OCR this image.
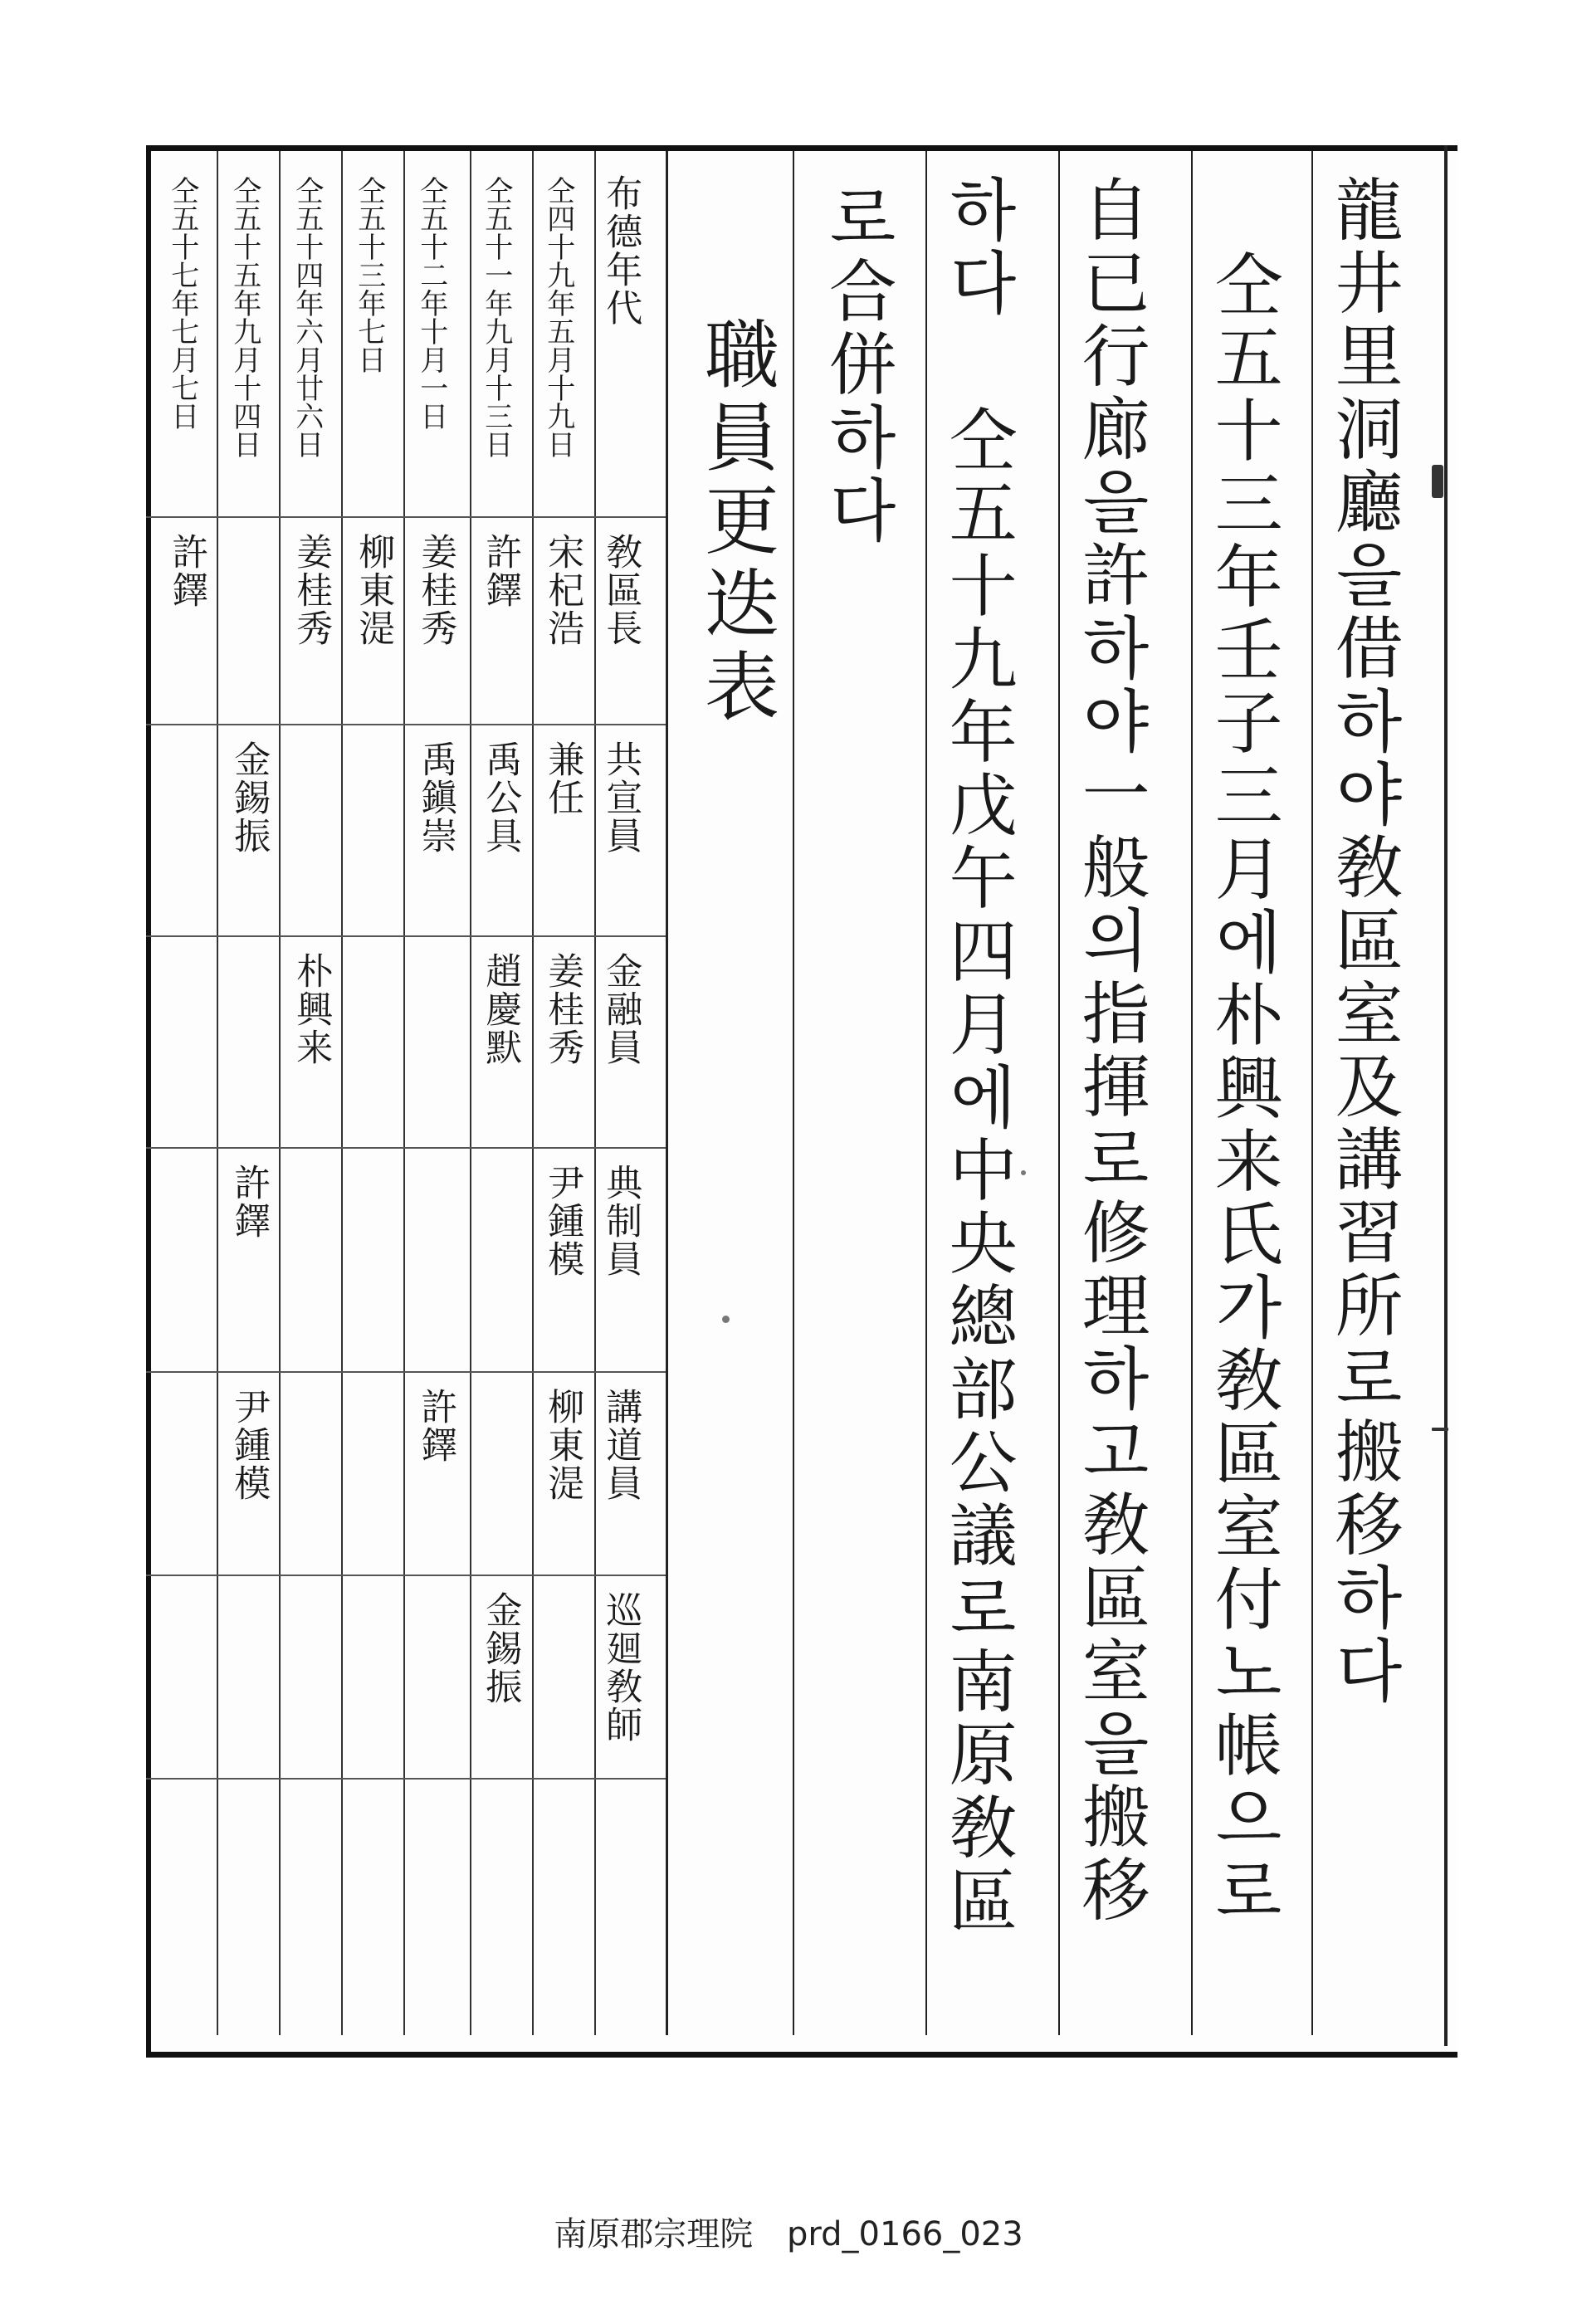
龍井里洞廳을借하야敎區室及講習所로搬移하다
仝五十三年壬子三月에朴興来氏가敎區室付노帳으로
自已行廊을許하야一般의指揮로修理하고敎區室을搬移
하다 仝五十九年戊午四月에中央總部公議로南原敎區
로合併하다
職員更迭表
布德年代
敎區長
共宣員
金融員
典制員
講道員
巡廻敎師
仝四十九年五月十九日
仝五十一年九月十三日
仝五十二年十月一日
仝五十三年七日
仝五十四年六月廿六日
仝五十五年九月十四日
仝五十七年七月七日
宋杞浩
許鐸
姜桂秀
柳東湜
姜桂秀
許鐸
兼任
禹公具
禹鎭崇
金錫振
姜桂秀
趙慶默
朴興来
尹鍾模
許鐸
柳東湜
許鐸
尹鍾模
金錫振
南原郡宗理院 prd_0166_023
